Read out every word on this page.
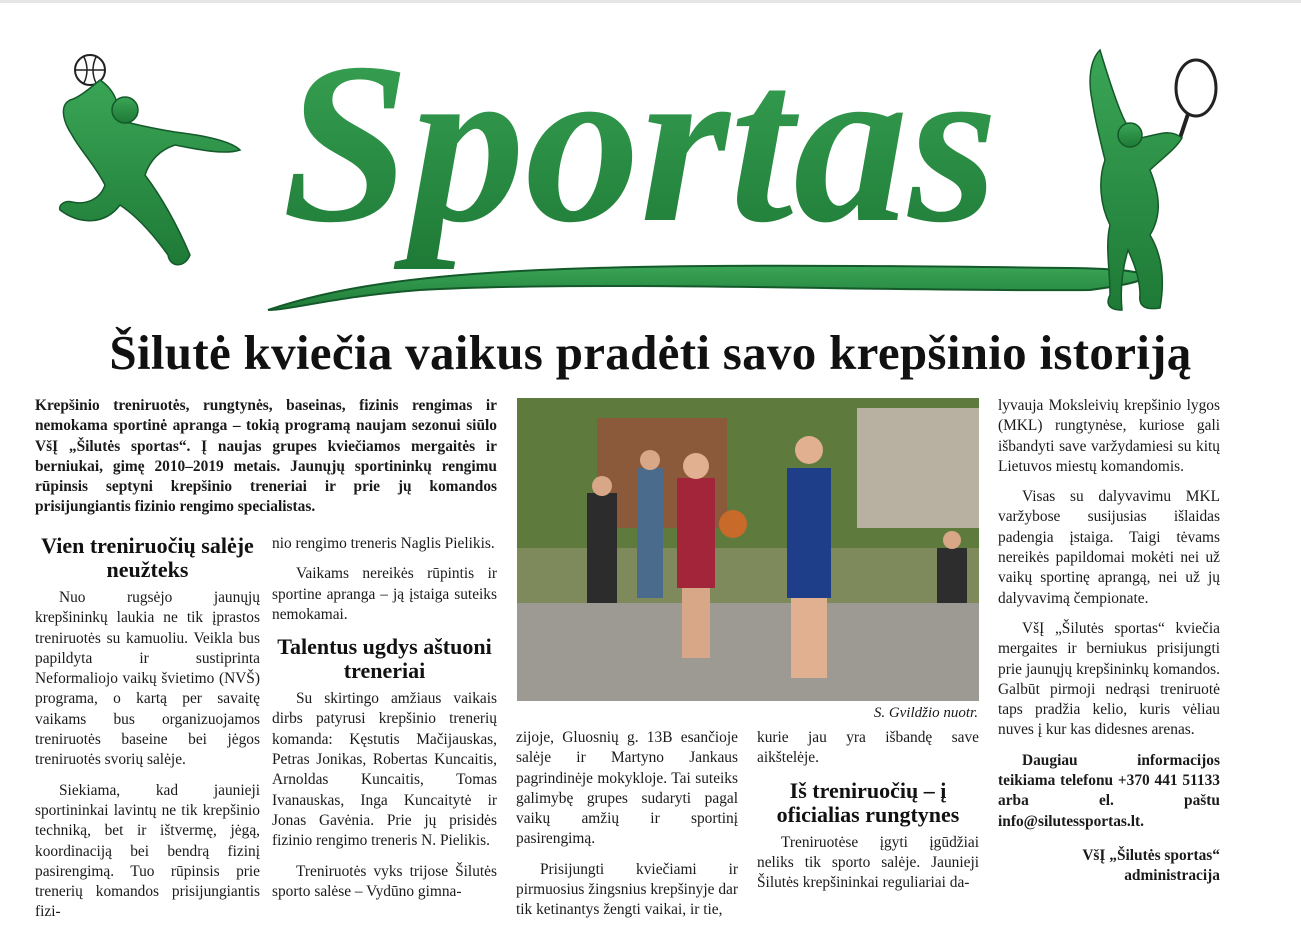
Sportas
Šilutė kviečia vaikus pradėti savo krepšinio istoriją

Krepšinio treniruotės, rungtynės, baseinas, fizinis rengimas ir nemokama sportinė apranga – tokią programą naujam sezonui siūlo VšĮ „Šilutės sportas“. Į naujas grupes kviečiamos mergaitės ir berniukai, gimę 2010–2019 metais. Jaunųjų sportininkų rengimu rūpinsis septyni krepšinio treneriai ir prie jų komandos prisijungiantis fizinio rengimo specialistas.

Vien treniruočių salėje neužteks

Nuo rugsėjo jaunųjų krepšininkų laukia ne tik įprastos treniruotės su kamuoliu. Veikla bus papildyta ir sustiprinta Neformaliojo vaikų švietimo (NVŠ) programa, o kartą per savaitę vaikams bus organizuojamos treniruotės baseine bei jėgos treniruotės svorių salėje.

Siekiama, kad jaunieji sportininkai lavintų ne tik krepšinio techniką, bet ir ištvermę, jėgą, koordinaciją bei bendrą fizinį pasirengimą. Tuo rūpinsis prie trenerių komandos prisijungiantis fizi-

nio rengimo treneris Naglis Pielikis.

Vaikams nereikės rūpintis ir sportine apranga – ją įstaiga suteiks nemokamai.

Talentus ugdys aštuoni treneriai

Su skirtingo amžiaus vaikais dirbs patyrusi krepšinio trenerių komanda: Kęstutis Mačijauskas, Petras Jonikas, Robertas Kuncaitis, Arnoldas Kuncaitis, Tomas Ivanauskas, Inga Kuncaitytė ir Jonas Gavėnia. Prie jų prisidės fizinio rengimo treneris N. Pielikis.

Treniruotės vyks trijose Šilutės sporto salėse – Vydūno gimna-

S. Gvildžio nuotr.

zijoje, Gluosnių g. 13B esančioje salėje ir Martyno Jankaus pagrindinėje mokykloje. Tai suteiks galimybę grupes sudaryti pagal vaikų amžių ir sportinį pasirengimą.

Prisijungti kviečiami ir pirmuosius žingsnius krepšinyje dar tik ketinantys žengti vaikai, ir tie,

kurie jau yra išbandę save aikštelėje.

Iš treniruočių – į oficialias rungtynes

Treniruotėse įgyti įgūdžiai neliks tik sporto salėje. Jaunieji Šilutės krepšininkai reguliariai da-

lyvauja Moksleivių krepšinio lygos (MKL) rungtynėse, kuriose gali išbandyti save varžydamiesi su kitų Lietuvos miestų komandomis.

Visas su dalyvavimu MKL varžybose susijusias išlaidas padengia įstaiga. Taigi tėvams nereikės papildomai mokėti nei už vaikų sportinę aprangą, nei už jų dalyvavimą čempionate.

VšĮ „Šilutės sportas“ kviečia mergaites ir berniukus prisijungti prie jaunųjų krepšininkų komandos. Galbūt pirmoji nedrąsi treniruotė taps pradžia kelio, kuris vėliau nuves į kur kas didesnes arenas.

Daugiau informacijos teikiama telefonu +370 441 51133 arba el. paštu info@silutessportas.lt.

VšĮ „Šilutės sportas“

administracija
